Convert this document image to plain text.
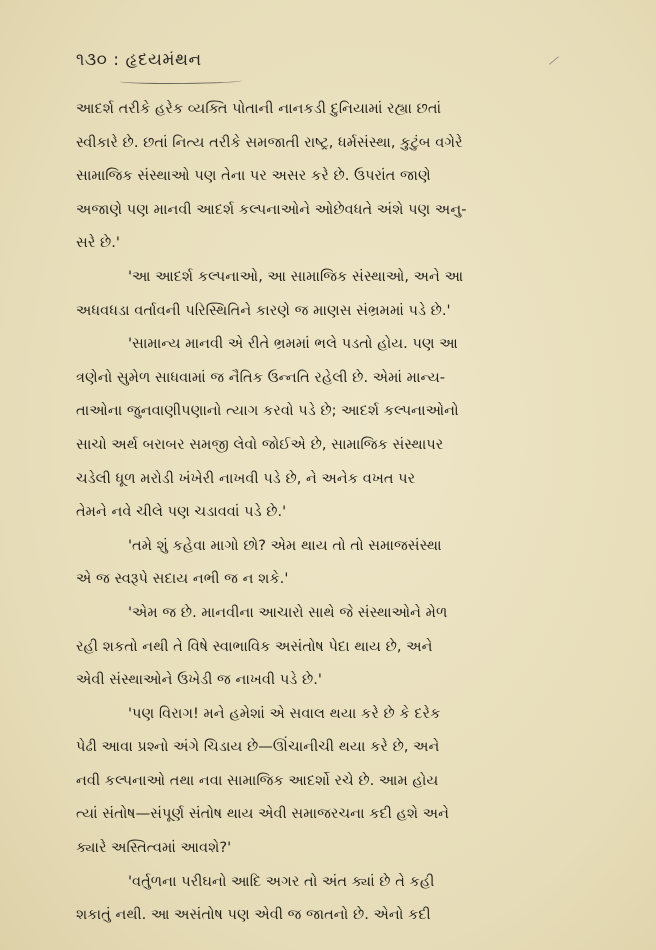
૧૩૦ : હૃદયમંથન

આદર્શ તરીકે હરેક વ્યક્તિ પોતાની નાનકડી દુનિયામાં રહ્યા છતાં
સ્વીકારે છે. છતાં નિત્ય તરીકે સમજાતી રાષ્ટ્ર, ધર્મસંસ્થા, કુટુંબ વગેરે
સામાજિક સંસ્થાઓ પણ તેના પર અસર કરે છે. ઉપરાંત જાણે
અજાણે પણ માનવી આદર્શ કલ્પનાઓને ઓછેવધતે અંશે પણ અનુ-
સરે છે.'

'આ આદર્શ કલ્પનાઓ, આ સામાજિક સંસ્થાઓ, અને આ
અધવધડા વર્તાવની પરિસ્થિતિને કારણે જ માણસ સંભ્રમમાં પડે છે.'

'સામાન્ય માનવી એ રીતે ભ્રમમાં ભલે પડતો હોય. પણ આ
ત્રણેનો સુમેળ સાધવામાં જ નૈતિક ઉન્નતિ રહેલી છે. એમાં માન્ય-
તાઓના જુનવાણીપણાનો ત્યાગ કરવો પડે છે; આદર્શ કલ્પનાઓનો
સાચો અર્થ બરાબર સમજી લેવો જોઈએ છે, સામાજિક સંસ્થાપર
ચડેલી ધૂળ મરોડી ખંખેરી નાખવી પડે છે, ને અનેક વખત પર
તેમને નવે ચીલે પણ ચડાવવાં પડે છે.'

'તમે શું કહેવા માગો છો? એમ થાય તો તો સમાજસંસ્થા
એ જ સ્વરૂપે સદાય નભી જ ન શકે.'

'એમ જ છે. માનવીના આચારો સાથે જે સંસ્થાઓને મેળ
રહી શકતો નથી તે વિષે સ્વાભાવિક અસંતોષ પેદા થાય છે, અને
એવી સંસ્થાઓને ઉખેડી જ નાખવી પડે છે.'

'પણ વિરાગ! મને હમેશાં એ સવાલ થયા કરે છે કે દરેક
પેઢી આવા પ્રશ્નો અંગે ચિડાય છે—ઊંચાનીચી થયા કરે છે, અને
નવી કલ્પનાઓ તથા નવા સામાજિક આદર્શો રચે છે. આમ હોય
ત્યાં સંતોષ—સંપૂર્ણ સંતોષ થાય એવી સમાજરચના કદી હશે અને
ક્યારે અસ્તિત્વમાં આવશે?'

'વર્તુળના પરીઘનો આદિ અગર તો અંત ક્યાં છે તે કહી
શકાતું નથી. આ અસંતોષ પણ એવી જ જાતનો છે. એનો કદી
